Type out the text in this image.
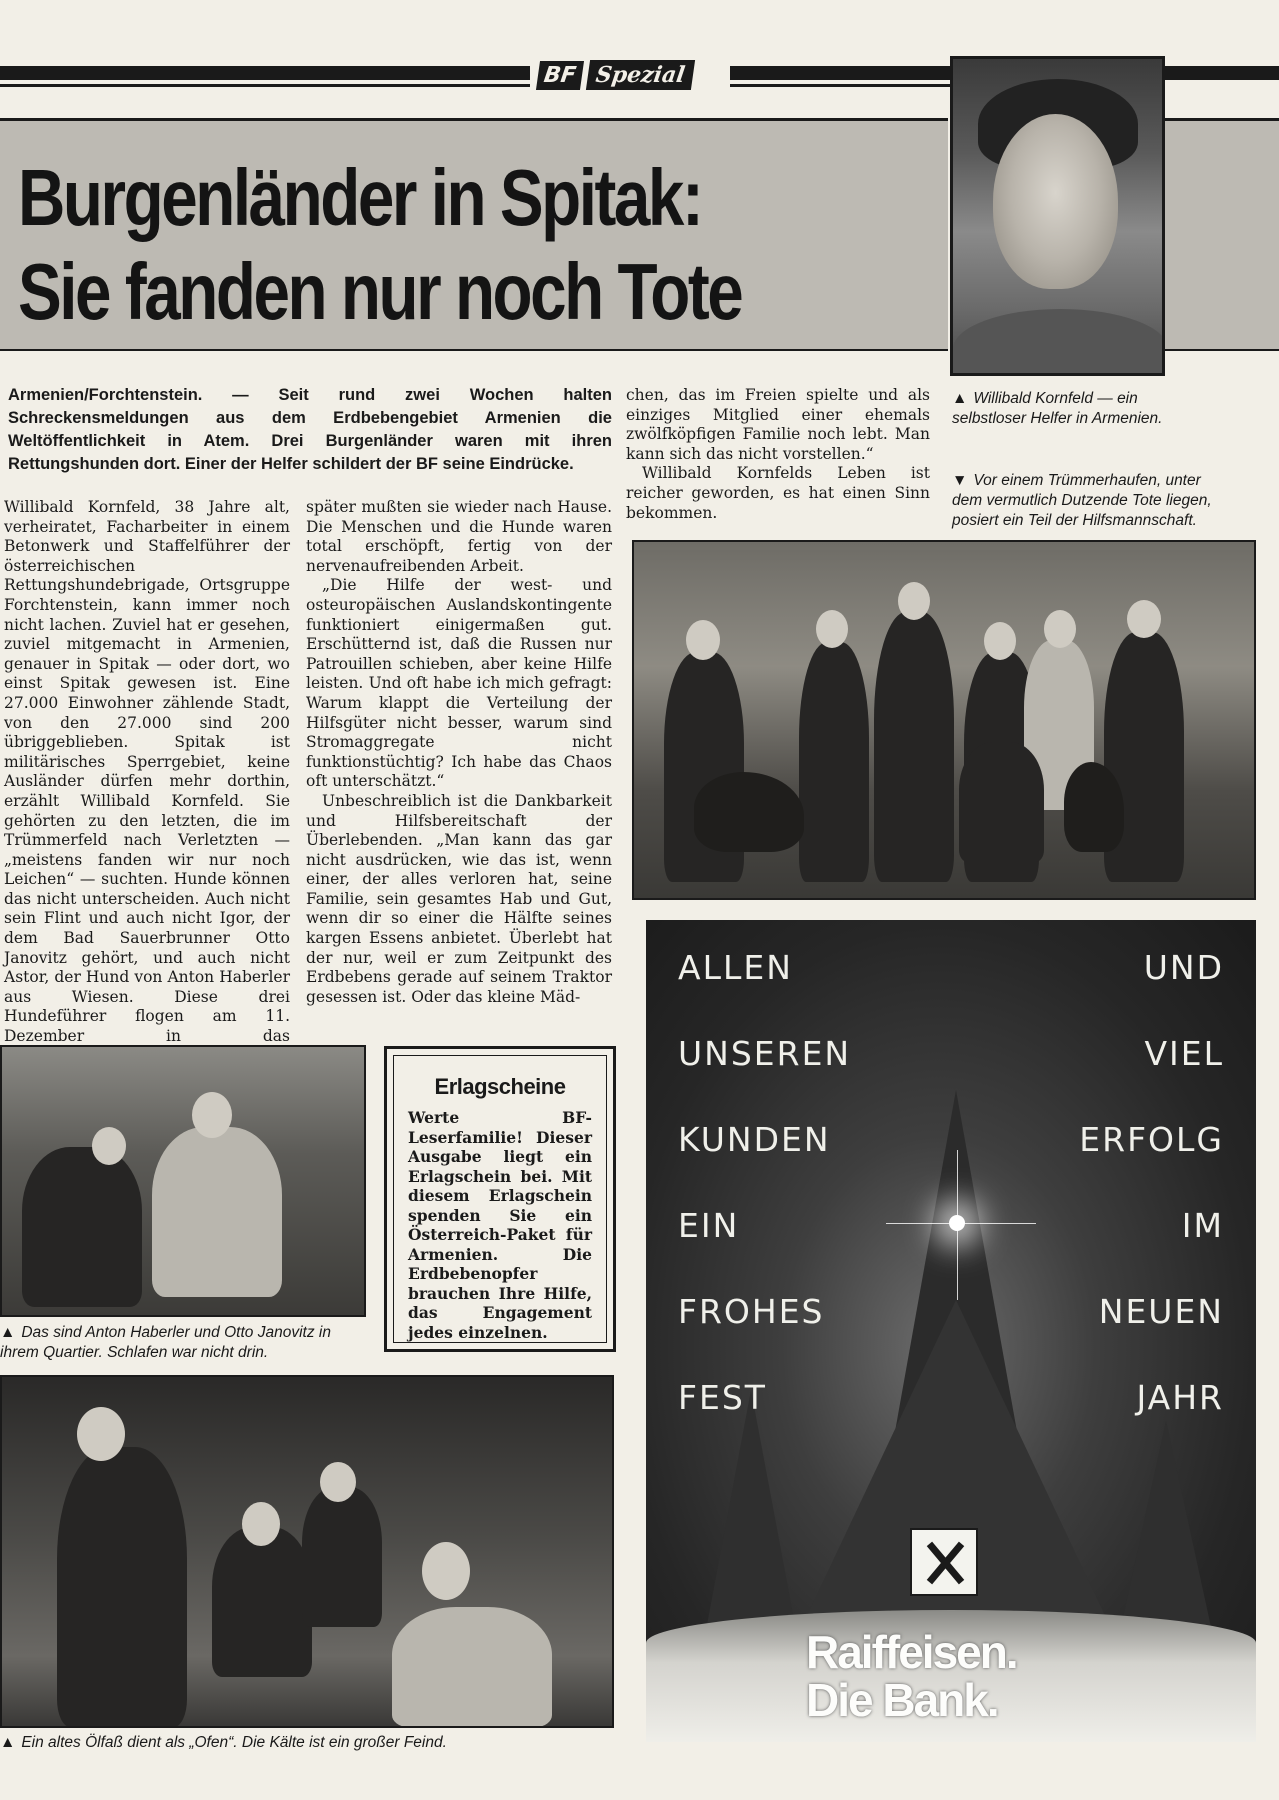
BF Spezial
Burgenländer in Spitak:
Sie fanden nur noch Tote
▲ Willibald Kornfeld — ein selbstloser Helfer in Armenien.
▼ Vor einem Trümmerhaufen, unter dem vermutlich Dutzende Tote liegen, posiert ein Teil der Hilfsmannschaft.

Armenien/Forchtenstein. — Seit rund zwei Wochen halten Schreckensmeldungen aus dem Erdbebengebiet Armenien die Weltöffentlichkeit in Atem. Drei Burgenländer waren mit ihren Rettungshunden dort. Einer der Helfer schildert der BF seine Eindrücke.

Willibald Kornfeld, 38 Jahre alt, verheiratet, Facharbeiter in einem Betonwerk und Staffelführer der österreichischen Rettungshundebrigade, Ortsgruppe Forchtenstein, kann immer noch nicht lachen. Zuviel hat er gesehen, zuviel mitgemacht in Armenien, genauer in Spitak — oder dort, wo einst Spitak gewesen ist. Eine 27.000 Einwohner zählende Stadt, von den 27.000 sind 200 übriggeblieben. Spitak ist militärisches Sperrgebiet, keine Ausländer dürfen mehr dorthin, erzählt Willibald Kornfeld. Sie gehörten zu den letzten, die im Trümmerfeld nach Verletzten — „meistens fanden wir nur noch Leichen“ — suchten. Hunde können das nicht unterscheiden. Auch nicht sein Flint und auch nicht Igor, der dem Bad Sauerbrunner Otto Janovitz gehört, und auch nicht Astor, der Hund von Anton Haberler aus Wiesen. Diese drei Hundeführer flogen am 11. Dezember in das

später mußten sie wieder nach Hause. Die Menschen und die Hunde waren total erschöpft, fertig von der nervenaufreibenden Arbeit.

„Die Hilfe der west- und osteuropäischen Auslandskontingente funktioniert einigermaßen gut. Erschütternd ist, daß die Russen nur Patrouillen schieben, aber keine Hilfe leisten. Und oft habe ich mich gefragt: Warum klappt die Verteilung der Hilfsgüter nicht besser, warum sind Stromaggregate nicht funktionstüchtig? Ich habe das Chaos oft unterschätzt.“

Unbeschreiblich ist die Dankbarkeit und Hilfsbereitschaft der Überlebenden. „Man kann das gar nicht ausdrücken, wie das ist, wenn einer, der alles verloren hat, seine Familie, sein gesamtes Hab und Gut, wenn dir so einer die Hälfte seines kargen Essens anbietet. Überlebt hat der nur, weil er zum Zeitpunkt des Erdbebens gerade auf seinem Traktor gesessen ist. Oder das kleine Mäd-

chen, das im Freien spielte und als einziges Mitglied einer ehemals zwölfköpfigen Familie noch lebt. Man kann sich das nicht vorstellen.“

Willibald Kornfelds Leben ist reicher geworden, es hat einen Sinn bekommen.

▲ Das sind Anton Haberler und Otto Janovitz in ihrem Quartier. Schlafen war nicht drin.
Erlagscheine

Werte BF-Leserfamilie! Dieser Ausgabe liegt ein Erlagschein bei. Mit diesem Erlagschein spenden Sie ein Österreich-Paket für Armenien. Die Erdbebenopfer brauchen Ihre Hilfe, das Engagement jedes einzelnen.

▲ Ein altes Ölfaß dient als „Ofen“. Die Kälte ist ein großer Feind.
ALLEN
UNSEREN
KUNDEN
EIN
FROHES
FEST
UND
VIEL
ERFOLG
IM
NEUEN
JAHR
Raiffeisen.
Die Bank.
